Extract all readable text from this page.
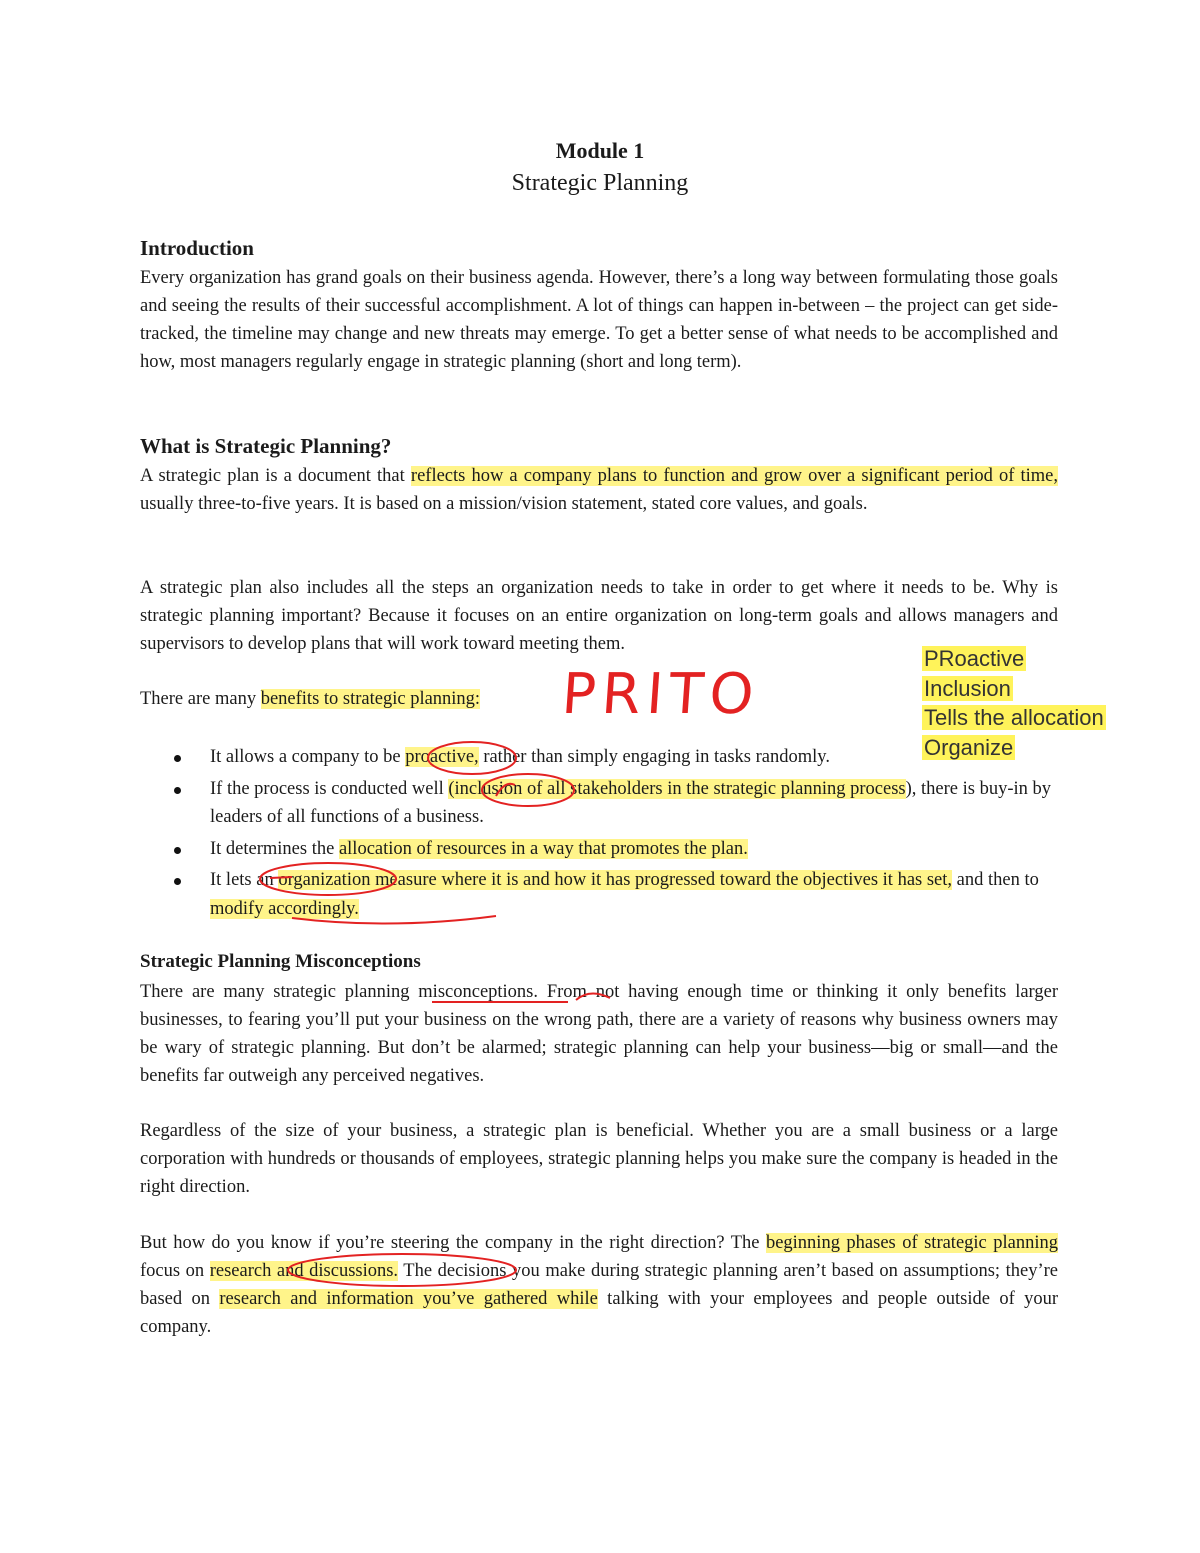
Module 1
Strategic Planning
Introduction

Every organization has grand goals on their business agenda. However, there’s a long way between formulating those goals and seeing the results of their successful accomplishment. A lot of things can happen in-between – the project can get side-tracked, the timeline may change and new threats may emerge. To get a better sense of what needs to be accomplished and how, most managers regularly engage in strategic planning (short and long term).

What is Strategic Planning?

A strategic plan is a document that reflects how a company plans to function and grow over a significant period of time, usually three-to-five years. It is based on a mission/vision statement, stated core values, and goals.

A strategic plan also includes all the steps an organization needs to take in order to get where it needs to be. Why is strategic planning important? Because it focuses on an entire organization on long-term goals and allows managers and supervisors to develop plans that will work toward meeting them.

There are many benefits to strategic planning:

It allows a company to be proactive, rather than simply engaging in tasks randomly.
If the process is conducted well (inclusion of all stakeholders in the strategic planning process), there is buy-in by leaders of all functions of a business.
It determines the allocation of resources in a way that promotes the plan.
It lets an organization measure where it is and how it has progressed toward the objectives it has set, and then to modify accordingly.
Strategic Planning Misconceptions

There are many strategic planning misconceptions. From not having enough time or thinking it only benefits larger businesses, to fearing you’ll put your business on the wrong path, there are a variety of reasons why business owners may be wary of strategic planning. But don’t be alarmed; strategic planning can help your business—big or small—and the benefits far outweigh any perceived negatives.

Regardless of the size of your business, a strategic plan is beneficial. Whether you are a small business or a large corporation with hundreds or thousands of employees, strategic planning helps you make sure the company is headed in the right direction.

But how do you know if you’re steering the company in the right direction? The beginning phases of strategic planning focus on research and discussions. The decisions you make during strategic planning aren’t based on assumptions; they’re based on research and information you’ve gathered while talking with your employees and people outside of your company.

PRoactive
Inclusion
Tells the allocation
Organize
PRITO
